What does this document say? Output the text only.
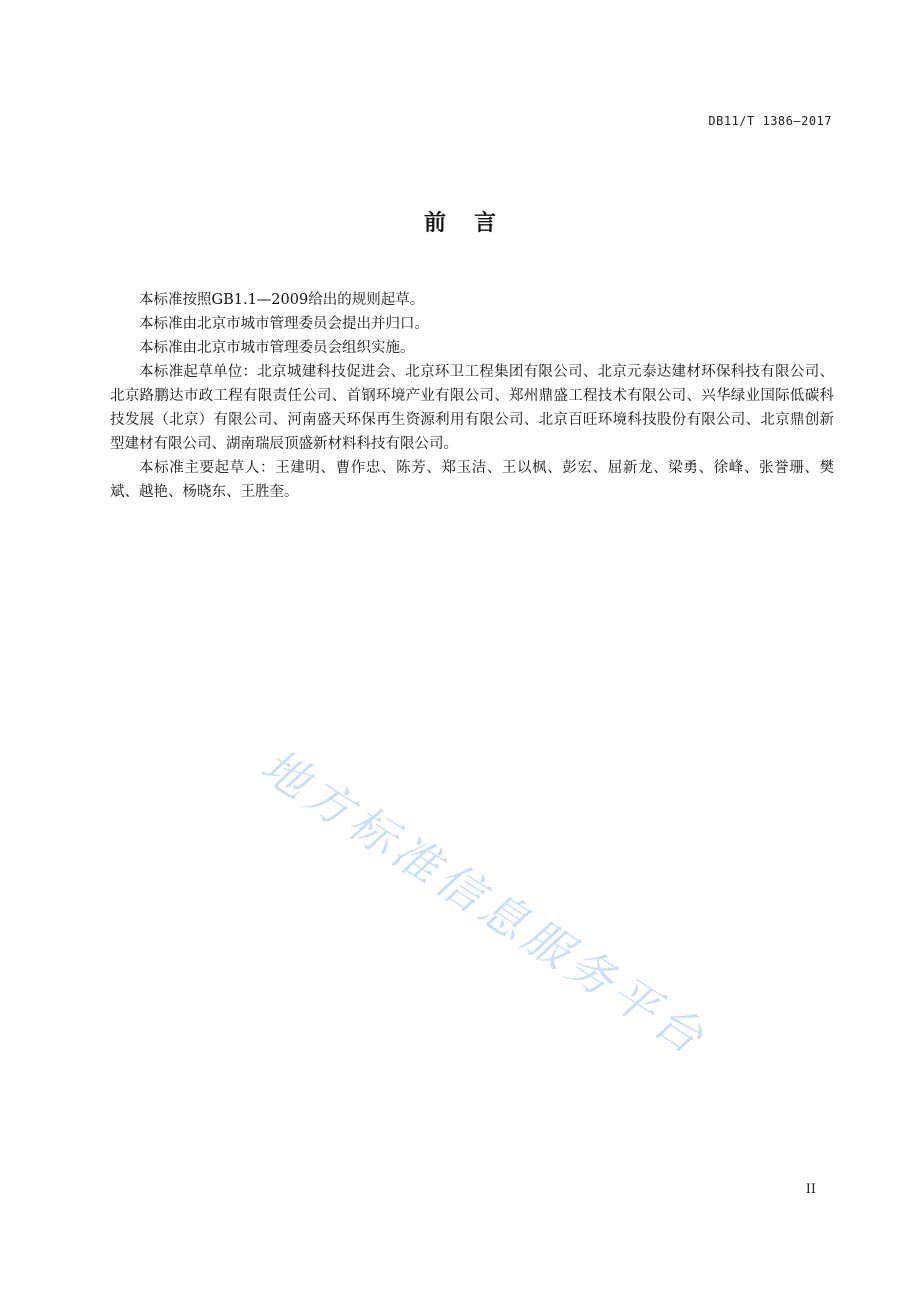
DB11/T 1386—2017
前言

本标准按照GB1.1—2009给出的规则起草。

本标准由北京市城市管理委员会提出并归口。

本标准由北京市城市管理委员会组织实施。

本标准起草单位：北京城建科技促进会、北京环卫工程集团有限公司、北京元泰达建材环保科技有限公司、北京路鹏达市政工程有限责任公司、首钢环境产业有限公司、郑州鼎盛工程技术有限公司、兴华绿业国际低碳科技发展（北京）有限公司、河南盛天环保再生资源利用有限公司、北京百旺环境科技股份有限公司、北京鼎创新型建材有限公司、湖南瑞辰顶盛新材料科技有限公司。

本标准主要起草人：王建明、曹作忠、陈芳、郑玉洁、王以枫、彭宏、屈新龙、梁勇、徐峰、张誉珊、樊斌、越艳、杨晓东、王胜奎。

地方标准信息服务平台
II
